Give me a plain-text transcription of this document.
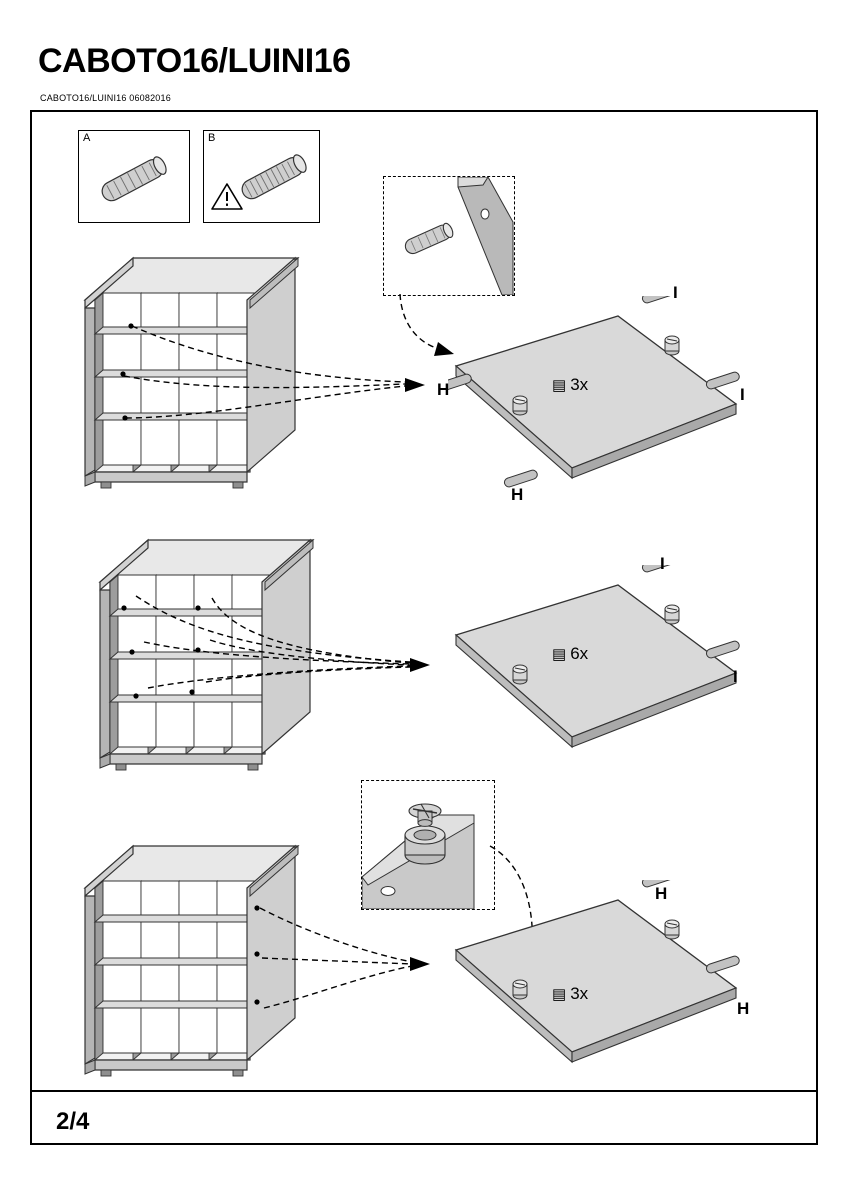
CABOTO16/LUINI16
CABOTO16/LUINI16 06082016
2/4
A	B
▤ 3x
I
I
H
H
▤ 6x
I
I
▤ 3x
H
H
